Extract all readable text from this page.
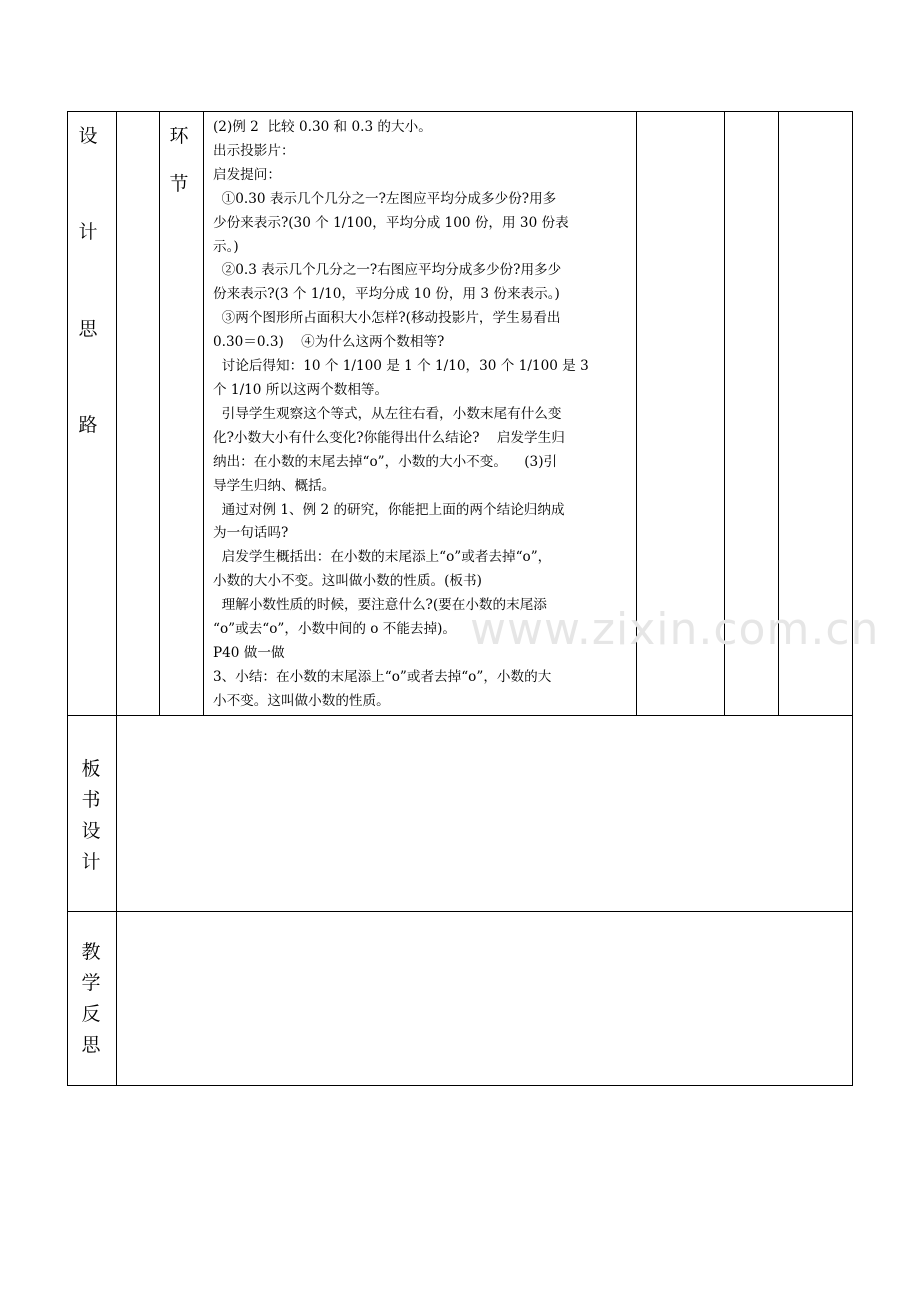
设
计
思
路
环
节

(2)例 2  比较 0.30 和 0.3 的大小。

出示投影片：

启发提问：

①0.30 表示几个几分之一?左图应平均分成多少份?用多

少份来表示?(30 个 1/100，平均分成 100 份，用 30 份表

示。)

②0.3 表示几个几分之一?右图应平均分成多少份?用多少

份来表示?(3 个 1/10，平均分成 10 份，用 3 份来表示。)

③两个图形所占面积大小怎样?(移动投影片，学生易看出

0.30＝0.3)    ④为什么这两个数相等?

讨论后得知：10 个 1/100 是 1 个 1/10，30 个 1/100 是 3

个 1/10 所以这两个数相等。

引导学生观察这个等式，从左往右看，小数末尾有什么变

化?小数大小有什么变化?你能得出什么结论?    启发学生归

纳出：在小数的末尾去掉“o”，小数的大小不变。    (3)引

导学生归纳、概括。

通过对例 1、例 2 的研究，你能把上面的两个结论归纳成

为一句话吗?

启发学生概括出：在小数的末尾添上“o”或者去掉“o”，

小数的大小不变。这叫做小数的性质。(板书)

理解小数性质的时候，要注意什么?(要在小数的末尾添

“o”或去“o”，小数中间的 o 不能去掉)。

P40 做一做

3、小结：在小数的末尾添上“o”或者去掉“o”，小数的大

小不变。这叫做小数的性质。

板
书
设
计
教
学
反
思
www.zixin.com.cn
